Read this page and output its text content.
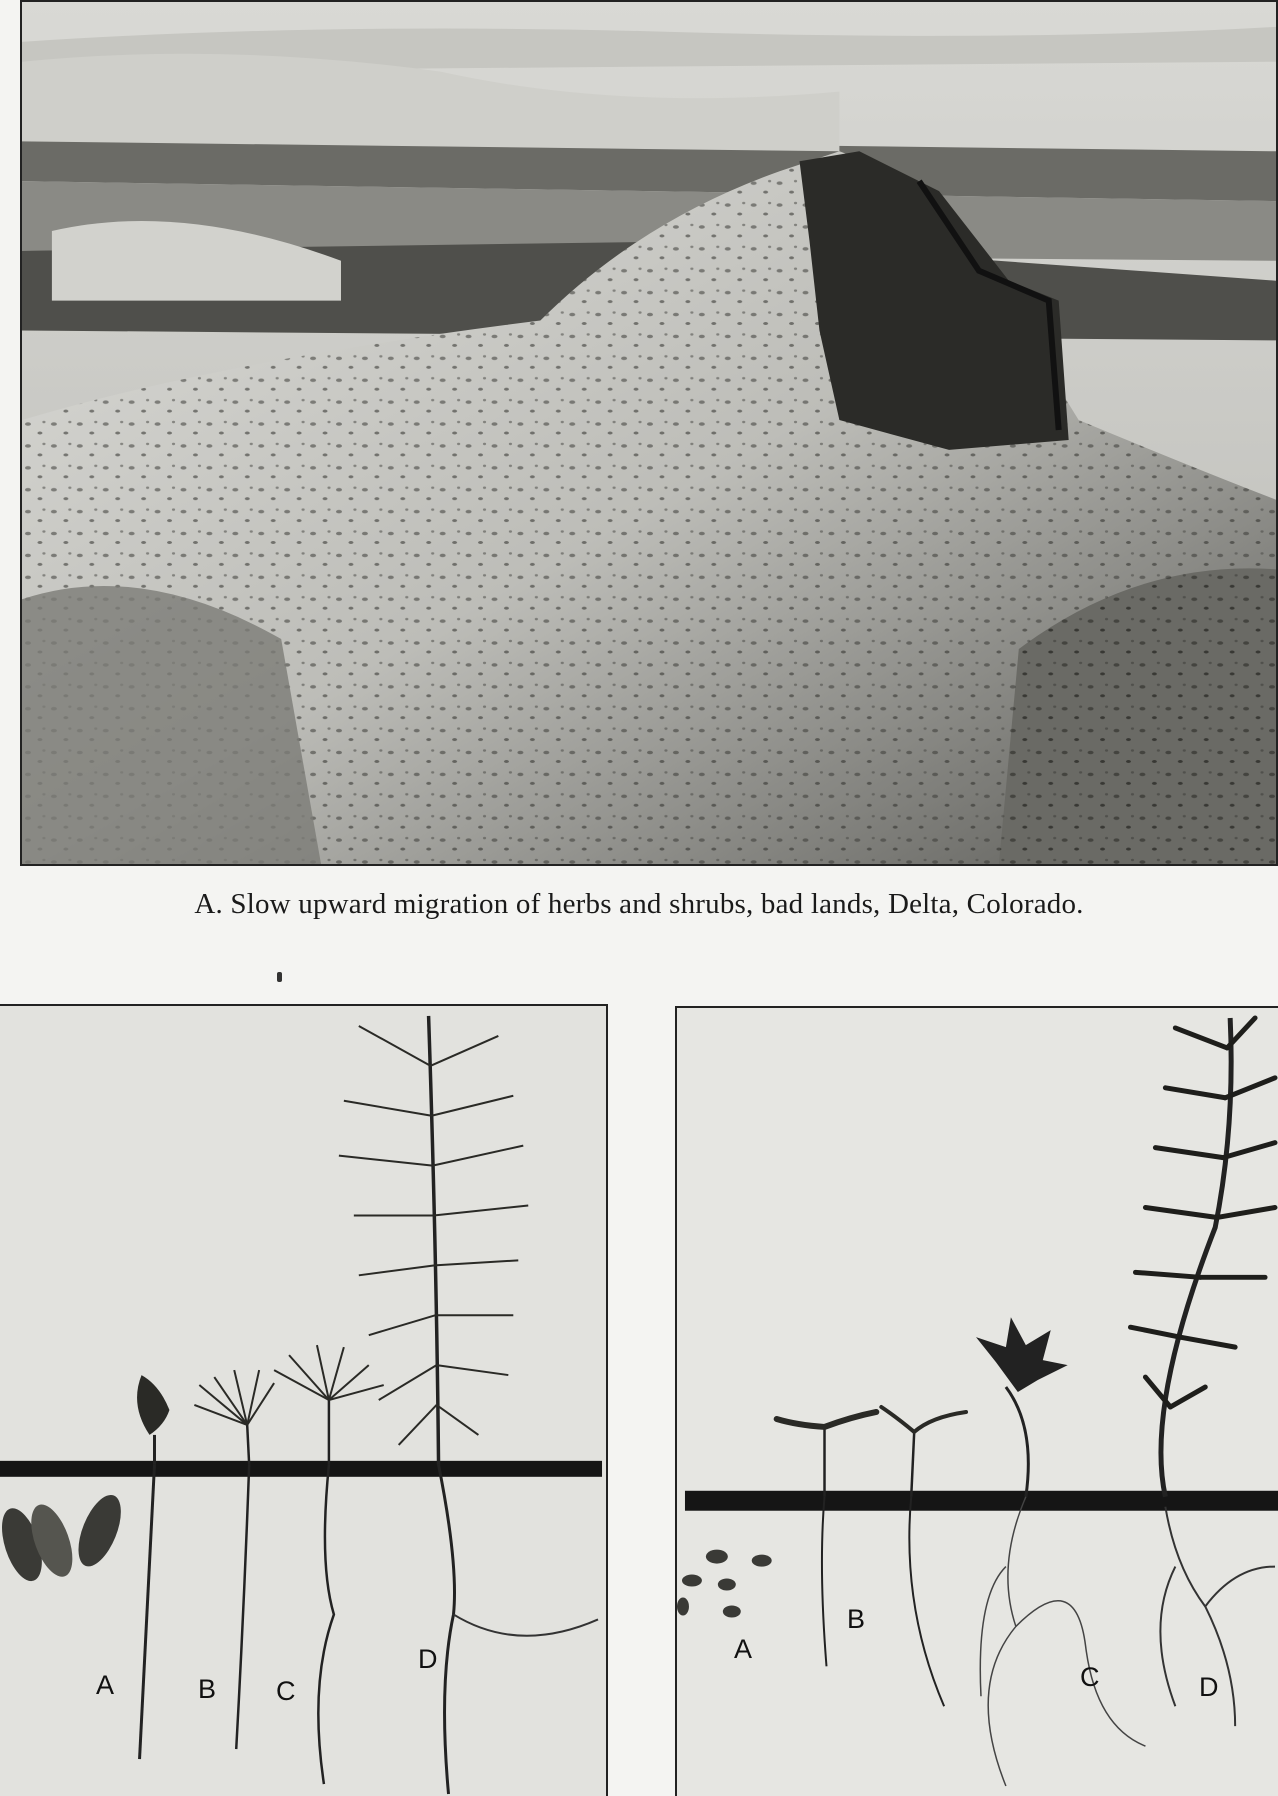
A. Slow upward migration of herbs and shrubs, bad lands, Delta, Colorado.
A	B C
D	A
B
C	D
